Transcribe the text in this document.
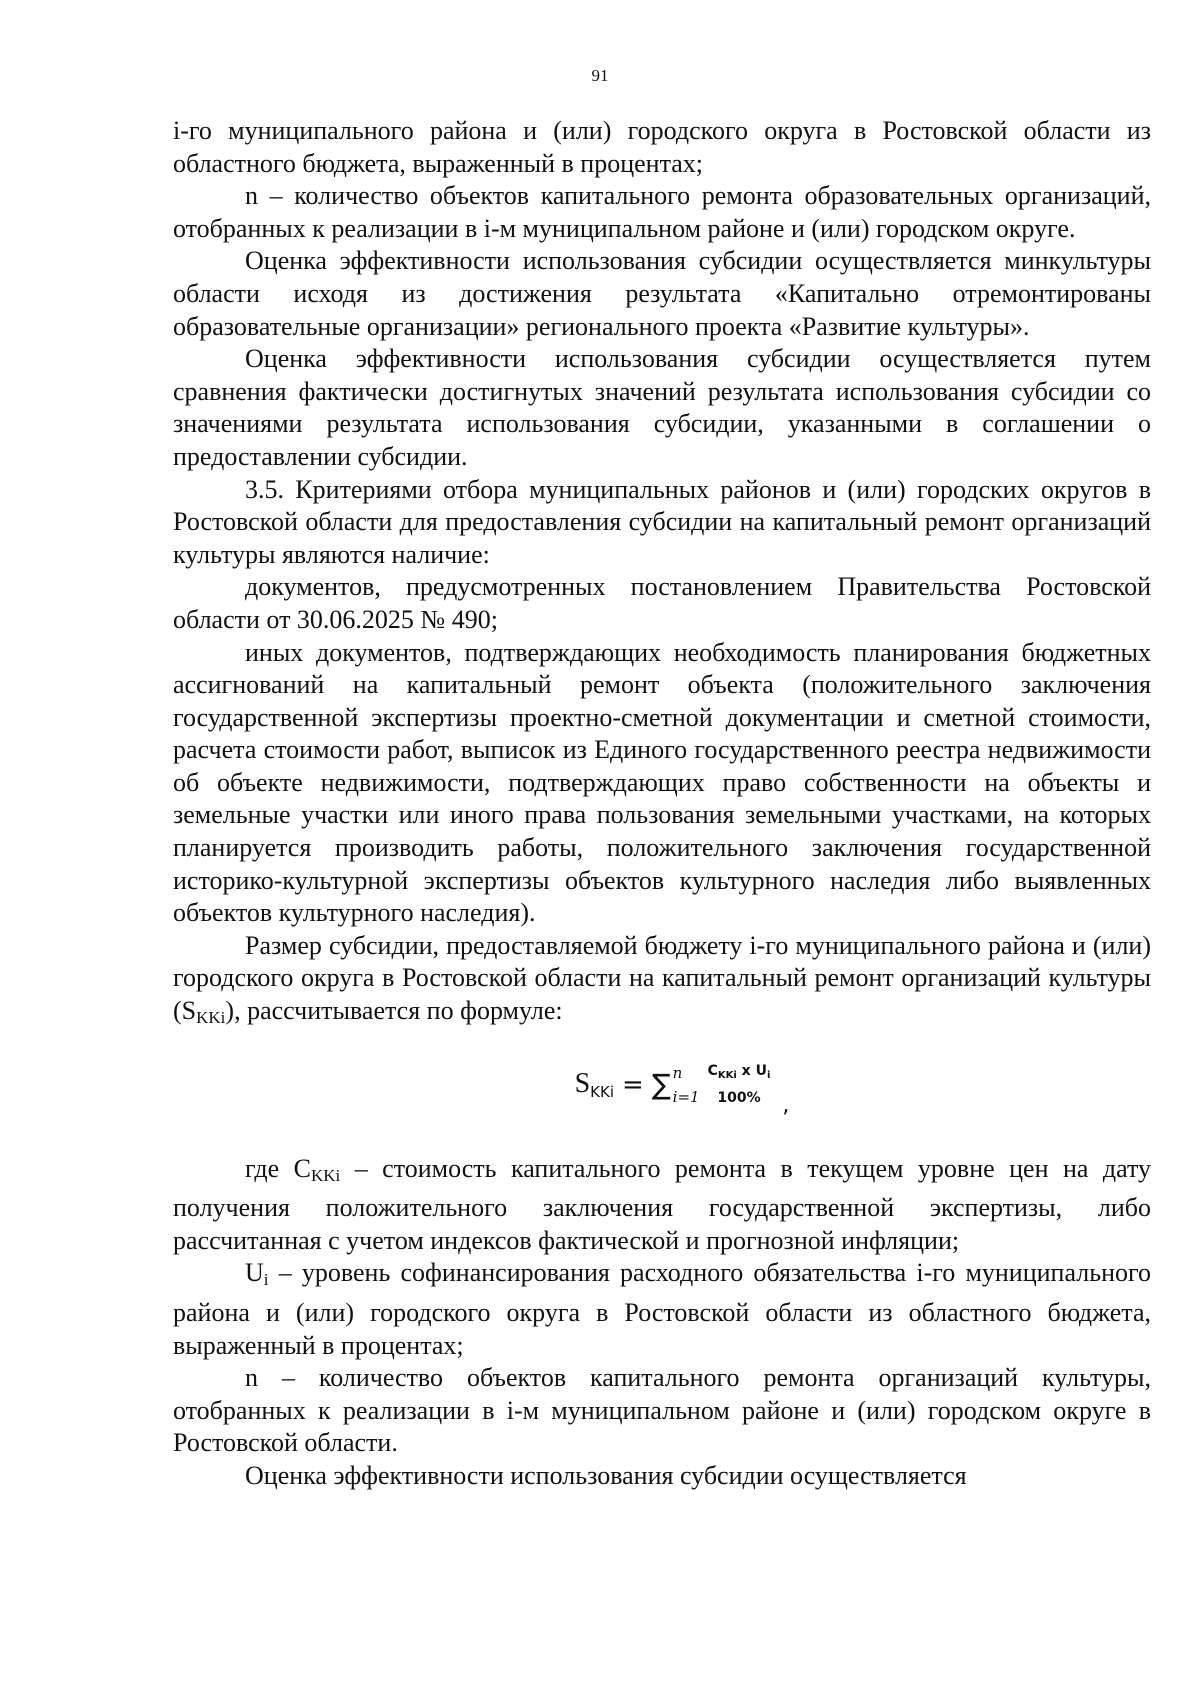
91

i-го муниципального района и (или) городского округа в Ростовской области из областного бюджета, выраженный в процентах;

n – количество объектов капитального ремонта образовательных организаций, отобранных к реализации в i-м муниципальном районе и (или) городском округе.

Оценка эффективности использования субсидии осуществляется минкультуры области исходя из достижения результата «Капитально отремонтированы образовательные организации» регионального проекта «Развитие культуры».

Оценка эффективности использования субсидии осуществляется путем сравнения фактически достигнутых значений результата использования субсидии со значениями результата использования субсидии, указанными в соглашении о предоставлении субсидии.

3.5. Критериями отбора муниципальных районов и (или) городских округов в Ростовской области для предоставления субсидии на капитальный ремонт организаций культуры являются наличие:

документов, предусмотренных постановлением Правительства Ростовской области от 30.06.2025 № 490;

иных документов, подтверждающих необходимость планирования бюджетных ассигнований на капитальный ремонт объекта (положительного заключения государственной экспертизы проектно-сметной документации и сметной стоимости, расчета стоимости работ, выписок из Единого государственного реестра недвижимости об объекте недвижимости, подтверждающих право собственности на объекты и земельные участки или иного права пользования земельными участками, на которых планируется производить работы, положительного заключения государственной историко-культурной экспертизы объектов культурного наследия либо выявленных объектов культурного наследия).

Размер субсидии, предоставляемой бюджету i-го муниципального района и (или) городского округа в Ростовской области на капитальный ремонт организаций культуры $(S_{KKi})$, рассчитывается по формуле:

SKKi = ∑ n
i=1
$C_{KKi}$ x $U_i$
100% ,

где $C_{KKi}$ – стоимость капитального ремонта в текущем уровне цен на дату получения положительного заключения государственной экспертизы, либо рассчитанная с учетом индексов фактической и прогнозной инфляции;

$U_i$ – уровень софинансирования расходного обязательства i-го муниципального района и (или) городского округа в Ростовской области из областного бюджета, выраженный в процентах;

n – количество объектов капитального ремонта организаций культуры, отобранных к реализации в i-м муниципальном районе и (или) городском округе в Ростовской области.

Оценка эффективности использования субсидии осуществляется
